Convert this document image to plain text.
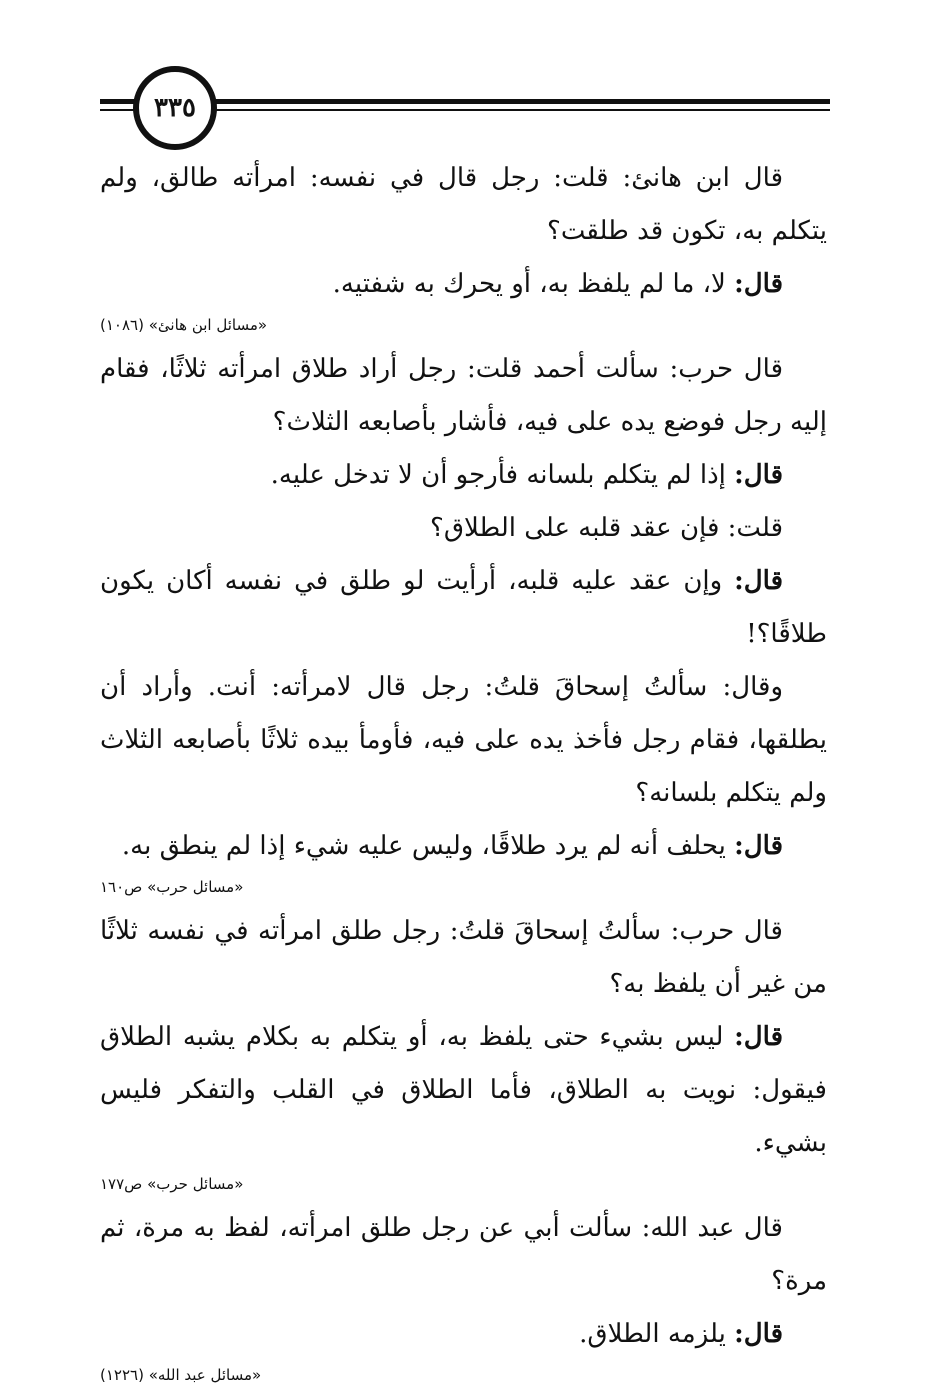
٣٣٥

قال ابن هانئ: قلت: رجل قال في نفسه: امرأته طالق، ولم يتكلم به، تكون قد طلقت؟

قال: لا، ما لم يلفظ به، أو يحرك به شفتيه.

«مسائل ابن هانئ» (١٠٨٦)

قال حرب: سألت أحمد قلت: رجل أراد طلاق امرأته ثلاثًا، فقام إليه رجل فوضع يده على فيه، فأشار بأصابعه الثلاث؟

قال: إذا لم يتكلم بلسانه فأرجو أن لا تدخل عليه.

قلت: فإن عقد قلبه على الطلاق؟

قال: وإن عقد عليه قلبه، أرأيت لو طلق في نفسه أكان يكون طلاقًا؟!

وقال: سألتُ إسحاقَ قلتُ: رجل قال لامرأته: أنت. وأراد أن يطلقها، فقام رجل فأخذ يده على فيه، فأومأ بيده ثلاثًا بأصابعه الثلاث ولم يتكلم بلسانه؟

قال: يحلف أنه لم يرد طلاقًا، وليس عليه شيء إذا لم ينطق به.

«مسائل حرب» ص١٦٠

قال حرب: سألتُ إسحاقَ قلتُ: رجل طلق امرأته في نفسه ثلاثًا من غير أن يلفظ به؟

قال: ليس بشيء حتى يلفظ به، أو يتكلم به بكلام يشبه الطلاق فيقول: نويت به الطلاق، فأما الطلاق في القلب والتفكر فليس بشيء.

«مسائل حرب» ص١٧٧

قال عبد الله: سألت أبي عن رجل طلق امرأته، لفظ به مرة، ثم مرة؟

قال: يلزمه الطلاق.

«مسائل عبد الله» (١٢٢٦)
